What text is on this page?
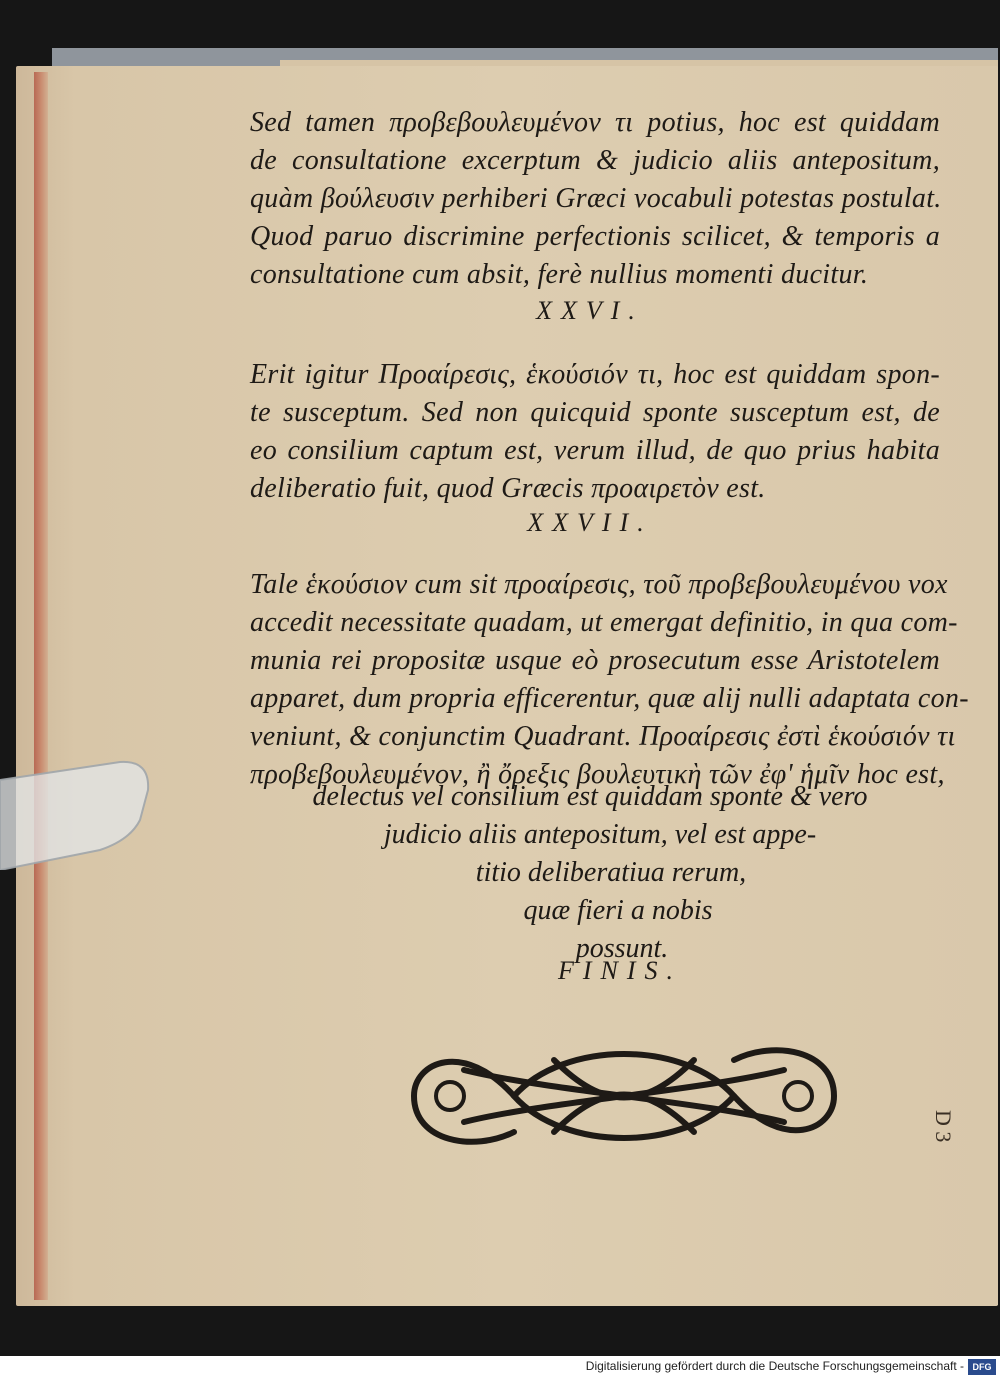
Sed tamen προβεβουλευμένον τι potius, hoc est quiddam
de consultatione excerptum & judicio aliis antepositum,
quàm βούλευσιν perhiberi Græci vocabuli potestas postulat.
Quod paruo discrimine perfectionis scilicet, & temporis a
consultatione cum absit, ferè nullius momenti ducitur.
XXVI.
Erit igitur Προαίρεσις, ἑκούσιόν τι, hoc est quiddam spon-
te susceptum. Sed non quicquid sponte susceptum est, de
eo consilium captum est, verum illud, de quo prius habita
deliberatio fuit, quod Græcis προαιρετὸν est.
XXVII.
Tale ἑκούσιον cum sit προαίρεσις, τοῦ προβεβουλευμένου vox
accedit necessitate quadam, ut emergat definitio, in qua com-
munia rei propositæ usque eò prosecutum esse Aristotelem
apparet, dum propria efficerentur, quæ alij nulli adaptata con-
veniunt, & conjunctim Quadrant. Προαίρεσις ἐστὶ ἑκούσιόν τι
προβεβουλευμένον, ἢ ὄρεξις βουλευτικὴ τῶν ἐφ' ἡμῖν hoc est,
delectus vel consilium est quiddam sponte & vero
judicio aliis antepositum, vel est appe-
titio deliberatiua rerum,
quæ fieri a nobis
possunt.
FINIS.
D 3
Digitalisierung gefördert durch die Deutsche Forschungsgemeinschaft - DFG
